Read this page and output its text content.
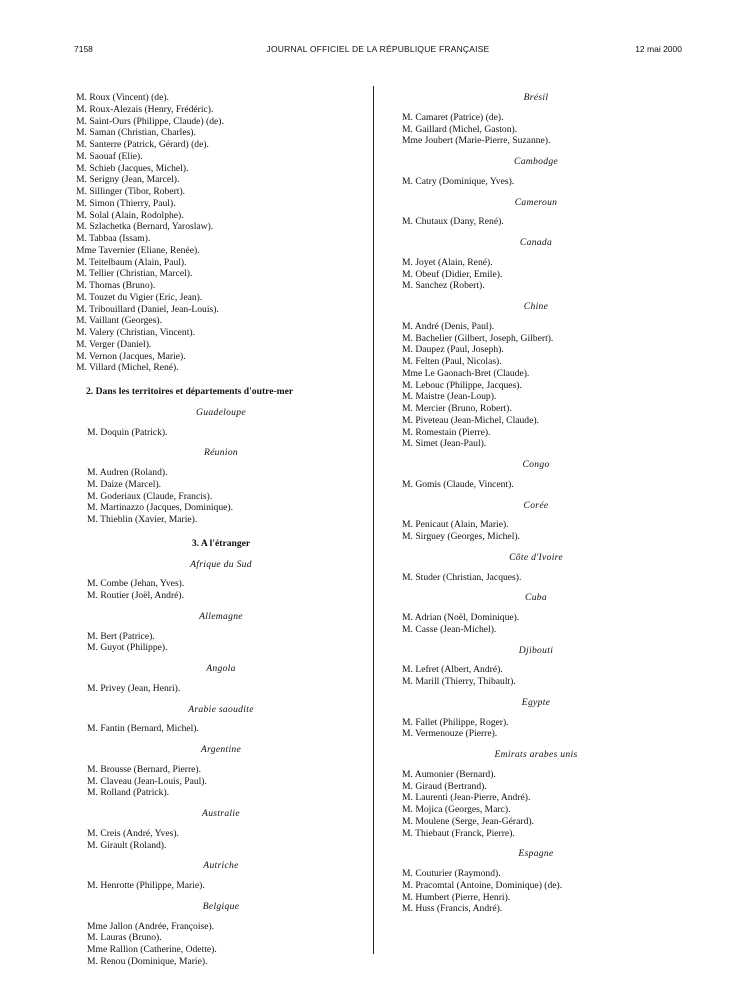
7158	JOURNAL OFFICIEL DE LA RÉPUBLIQUE FRANÇAISE	12 mai 2000
M. Roux (Vincent) (de).
M. Roux-Alezais (Henry, Frédéric).
M. Saint-Ours (Philippe, Claude) (de).
M. Saman (Christian, Charles).
M. Santerre (Patrick, Gérard) (de).
M. Saouaf (Elie).
M. Schieb (Jacques, Michel).
M. Serigny (Jean, Marcel).
M. Sillinger (Tibor, Robert).
M. Simon (Thierry, Paul).
M. Solal (Alain, Rodolphe).
M. Szlachetka (Bernard, Yaroslaw).
M. Tabbaa (Issam).
Mme Tavernier (Eliane, Renée).
M. Teitelbaum (Alain, Paul).
M. Tellier (Christian, Marcel).
M. Thomas (Bruno).
M. Touzet du Vigier (Eric, Jean).
M. Tribouillard (Daniel, Jean-Louis).
M. Vaillant (Georges).
M. Valery (Christian, Vincent).
M. Verger (Daniel).
M. Vernon (Jacques, Marie).
M. Villard (Michel, René).
2. Dans les territoires et départements d'outre-mer
Guadeloupe
M. Doquin (Patrick).
Réunion
M. Audren (Roland).
M. Daize (Marcel).
M. Goderiaux (Claude, Francis).
M. Martinazzo (Jacques, Dominique).
M. Thieblin (Xavier, Marie).
3. A l'étranger
Afrique du Sud
M. Combe (Jehan, Yves).
M. Routier (Joël, André).
Allemagne
M. Bert (Patrice).
M. Guyot (Philippe).
Angola
M. Privey (Jean, Henri).
Arabie saoudite
M. Fantin (Bernard, Michel).
Argentine
M. Brousse (Bernard, Pierre).
M. Claveau (Jean-Louis, Paul).
M. Rolland (Patrick).
Australie
M. Creis (André, Yves).
M. Girault (Roland).
Autriche
M. Henrotte (Philippe, Marie).
Belgique
Mme Jallon (Andrée, Françoise).
M. Lauras (Bruno).
Mme Rallion (Catherine, Odette).
M. Renou (Dominique, Marie).
Brésil
M. Camaret (Patrice) (de).
M. Gaillard (Michel, Gaston).
Mme Joubert (Marie-Pierre, Suzanne).
Cambodge
M. Catry (Dominique, Yves).
Cameroun
M. Chutaux (Dany, René).
Canada
M. Joyet (Alain, René).
M. Obeuf (Didier, Emile).
M. Sanchez (Robert).
Chine
M. André (Denis, Paul).
M. Bachelier (Gilbert, Joseph, Gilbert).
M. Daupez (Paul, Joseph).
M. Felten (Paul, Nicolas).
Mme Le Gaonach-Bret (Claude).
M. Lebouc (Philippe, Jacques).
M. Maistre (Jean-Loup).
M. Mercier (Bruno, Robert).
M. Piveteau (Jean-Michel, Claude).
M. Romestain (Pierre).
M. Simet (Jean-Paul).
Congo
M. Gomis (Claude, Vincent).
Corée
M. Penicaut (Alain, Marie).
M. Sirguey (Georges, Michel).
Côte d'Ivoire
M. Studer (Christian, Jacques).
Cuba
M. Adrian (Noël, Dominique).
M. Casse (Jean-Michel).
Djibouti
M. Lefret (Albert, André).
M. Marill (Thierry, Thibault).
Egypte
M. Fallet (Philippe, Roger).
M. Vermenouze (Pierre).
Emirats arabes unis
M. Aumonier (Bernard).
M. Giraud (Bertrand).
M. Laurenti (Jean-Pierre, André).
M. Mojica (Georges, Marc).
M. Moulene (Serge, Jean-Gérard).
M. Thiebaut (Franck, Pierre).
Espagne
M. Couturier (Raymond).
M. Pracomtal (Antoine, Dominique) (de).
M. Humbert (Pierre, Henri).
M. Huss (Francis, André).
